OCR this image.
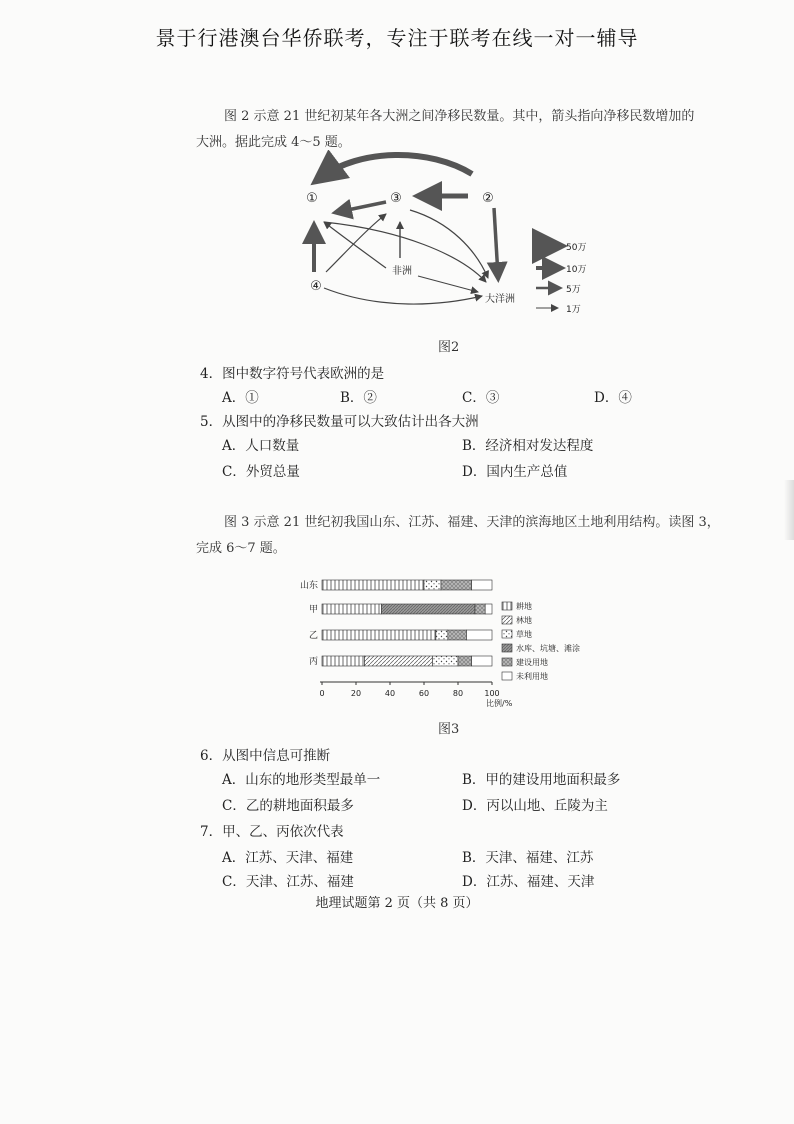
景于行港澳台华侨联考，专注于联考在线一对一辅导
图 2 示意 21 世纪初某年各大洲之间净移民数量。其中，箭头指向净移民数增加的
大洲。据此完成 4～5 题。
①	③	②
④
非洲
大洋洲
50万
10万
5万
1万
图2
4．图中数字符号代表欧洲的是
A．①	B．②	C．③	D．④
5．从图中的净移民数量可以大致估计出各大洲
A．人口数量	B．经济相对发达程度
C．外贸总量	D．国内生产总值
图 3 示意 21 世纪初我国山东、江苏、福建、天津的滨海地区土地利用结构。读图 3，
完成 6～7 题。
山东
甲
乙
丙
0	20	40	60	80	100
比例/%
耕地
林地
草地
水库、坑塘、滩涂
建设用地
未利用地
图3
6．从图中信息可推断
A．山东的地形类型最单一	B．甲的建设用地面积最多
C．乙的耕地面积最多	D．丙以山地、丘陵为主
7．甲、乙、丙依次代表
A．江苏、天津、福建	B．天津、福建、江苏
C．天津、江苏、福建	D．江苏、福建、天津
地理试题第 2 页（共 8 页）
